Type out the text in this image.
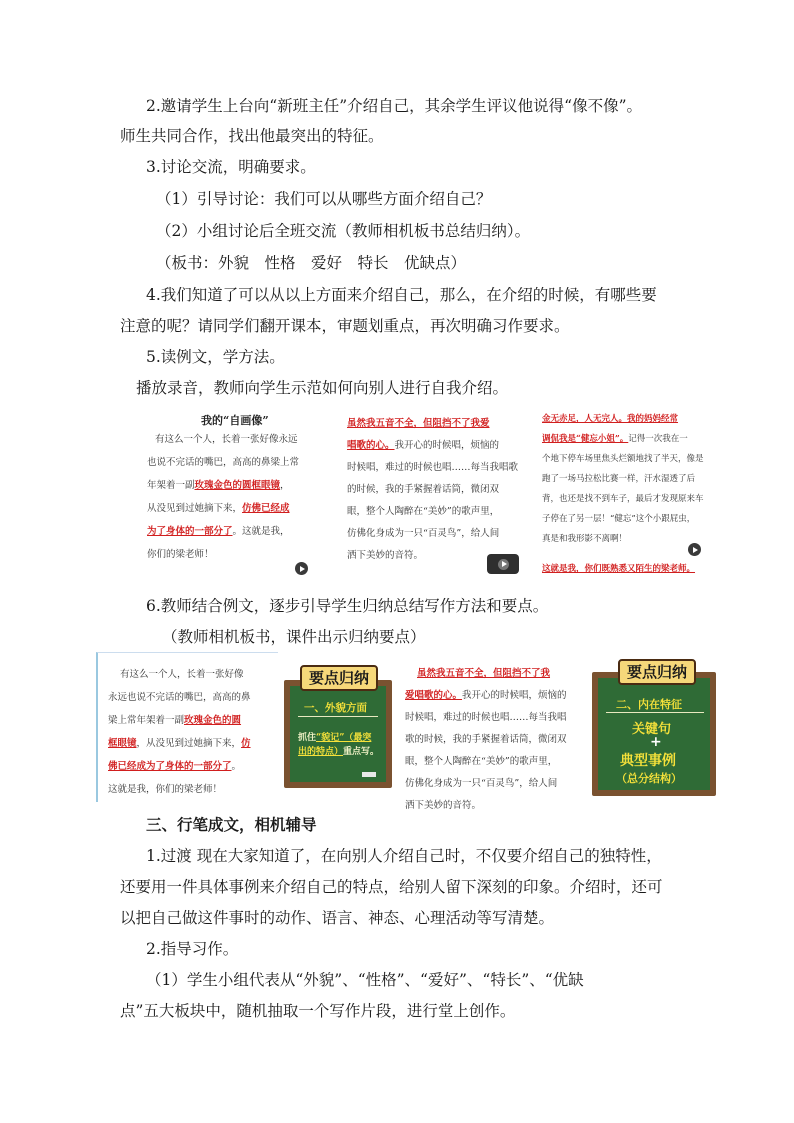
2.邀请学生上台向“新班主任”介绍自己，其余学生评议他说得“像不像”。
师生共同合作，找出他最突出的特征。
3.讨论交流，明确要求。
（1）引导讨论：我们可以从哪些方面介绍自己？
（2）小组讨论后全班交流（教师相机板书总结归纳）。
（板书：外貌　性格　爱好　特长　优缺点）
4.我们知道了可以从以上方面来介绍自己，那么，在介绍的时候，有哪些要
注意的呢？请同学们翻开课本，审题划重点，再次明确习作要求。
5.读例文，学方法。
播放录音，教师向学生示范如何向别人进行自我介绍。
我的“自画像”
有这么一个人，长着一张好像永远
也说不完话的嘴巴，高高的鼻梁上常
年架着一副玫瑰金色的圆框眼镜，
从没见到过她摘下来，仿佛已经成
为了身体的一部分了。这就是我，
你们的梁老师！
虽然我五音不全，但阻挡不了我爱
唱歌的心。我开心的时候唱，烦恼的
时候唱，难过的时候也唱……每当我唱歌
的时候，我的手紧握着话筒，微闭双
眼，整个人陶醉在“美妙”的歌声里，
仿佛化身成为一只“百灵鸟”，给人间
洒下美妙的音符。
金无赤足，人无完人。我的妈妈经常
调侃我是“健忘小姐”。记得一次我在一
个地下停车场里焦头烂额地找了半天，像是
跑了一场马拉松比赛一样，汗水湿透了后
背，也还是找不到车子，最后才发现原来车
子停在了另一层！“健忘”这个小跟屁虫，
真是和我形影不离啊！
这就是我，你们既熟悉又陌生的梁老师。
6.教师结合例文，逐步引导学生归纳总结写作方法和要点。
（教师相机板书，课件出示归纳要点）
有这么一个人，长着一张好像
永远也说不完话的嘴巴，高高的鼻
梁上常年架着一副玫瑰金色的圆
框眼镜，从没见到过她摘下来，仿
佛已经成为了身体的一部分了。
这就是我，你们的梁老师！
一、外貌方面
抓住“貌记”（最突
出的特点）重点写。
要点归纳	虽然我五音不全，但阻挡不了我
爱唱歌的心。我开心的时候唱，烦恼的
时候唱，难过的时候也唱……每当我唱
歌的时候，我的手紧握着话筒，微闭双
眼，整个人陶醉在“美妙”的歌声里，
仿佛化身成为一只“百灵鸟”，给人间
洒下美妙的音符。
二、内在特征
关键句
+
典型事例
（总分结构）
要点归纳
三、行笔成文，相机辅导
1.过渡 现在大家知道了，在向别人介绍自己时，不仅要介绍自己的独特性，
还要用一件具体事例来介绍自己的特点，给别人留下深刻的印象。介绍时，还可
以把自己做这件事时的动作、语言、神态、心理活动等写清楚。
2.指导习作。
（1）学生小组代表从“外貌”、“性格”、“爱好”、“特长”、“优缺
点”五大板块中，随机抽取一个写作片段，进行堂上创作。
